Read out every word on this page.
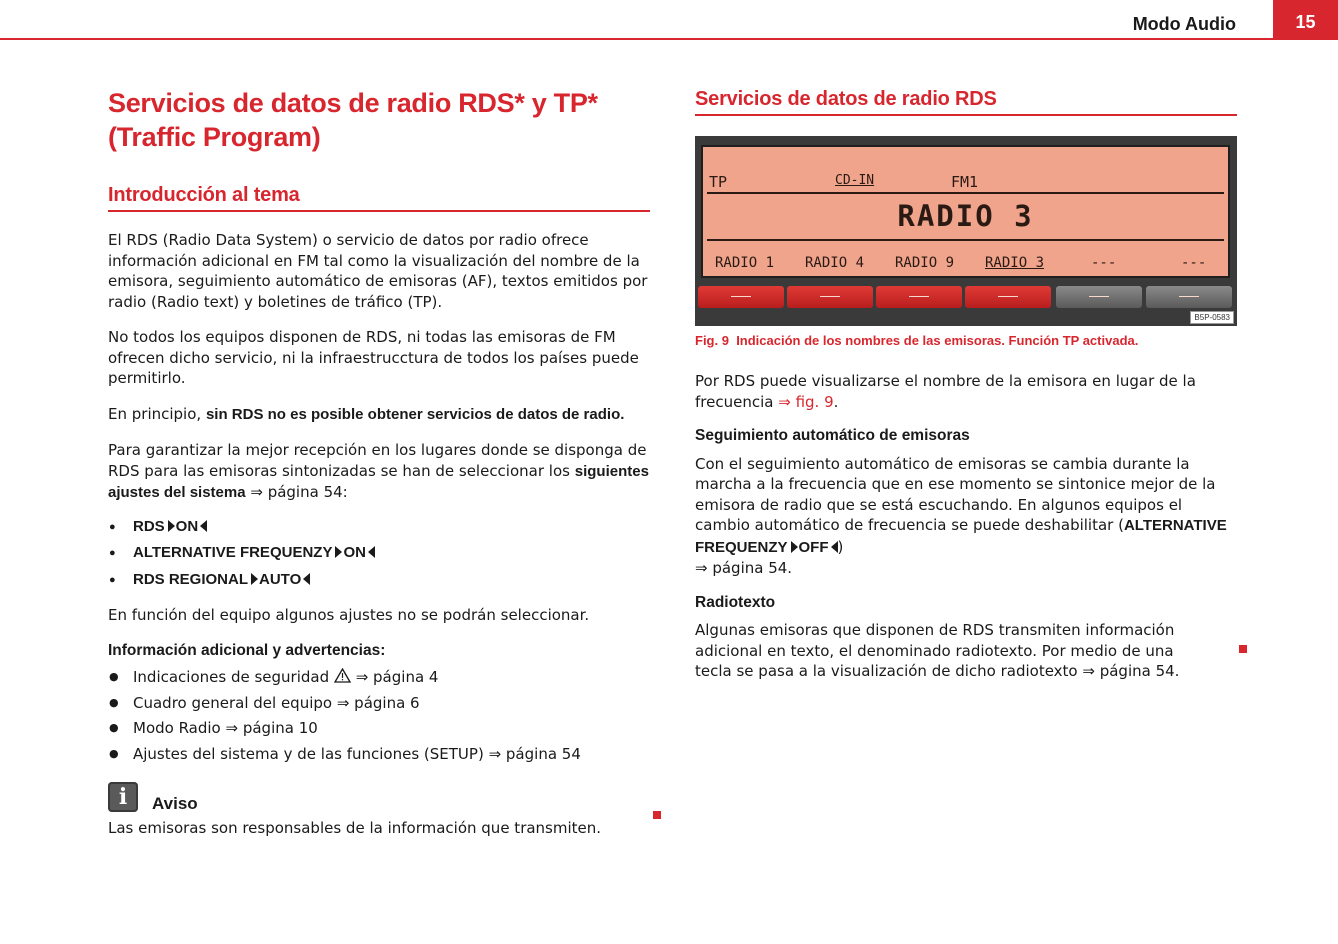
Modo Audio	15
Servicios de datos de radio RDS* y TP*
(Traffic Program)
Introducción al tema

El RDS (Radio Data System) o servicio de datos por radio ofrece información adicional en FM tal como la visualización del nombre de la emisora, seguimiento automático de emisoras (AF), textos emitidos por radio (Radio text) y boletines de tráfico (TP).

No todos los equipos disponen de RDS, ni todas las emisoras de FM ofrecen dicho servicio, ni la infraestrucctura de todos los países puede permitirlo.

En principio, sin RDS no es posible obtener servicios de datos de radio.

Para garantizar la mejor recepción en los lugares donde se disponga de RDS para las emisoras sintonizadas se han de seleccionar los siguientes ajustes del sistema ⇒ página 54:

● RDS ON
● ALTERNATIVE FREQUENZY ON
● RDS REGIONAL AUTO

En función del equipo algunos ajustes no se podrán seleccionar.

Información adicional y advertencias:

● Indicaciones de seguridad ⇒ página 4
● Cuadro general del equipo ⇒ página 6
● Modo Radio ⇒ página 10
● Ajustes del sistema y de las funciones (SETUP) ⇒ página 54
i Aviso

Las emisoras son responsables de la información que transmiten.

Servicios de datos de radio RDS
TP	CD-IN	FM1
RADIO 3
RADIO 1 RADIO 4 RADIO 9 RADIO 3	---	---
B5P-0583
Fig. 9 Indicación de los nombres de las emisoras. Función TP activada.

Por RDS puede visualizarse el nombre de la emisora en lugar de la frecuencia ⇒ fig. 9.

Seguimiento automático de emisoras

Con el seguimiento automático de emisoras se cambia durante la marcha a la frecuencia que en ese momento se sintonice mejor de la emisora de radio que se está escuchando. En algunos equipos el cambio automático de frecuencia se puede deshabilitar (ALTERNATIVE FREQUENZY OFF )
⇒ página 54.

Radiotexto

Algunas emisoras que disponen de RDS transmiten información adicional en texto, el denominado radiotexto. Por medio de una tecla se pasa a la visualización de dicho radiotexto ⇒ página 54.
